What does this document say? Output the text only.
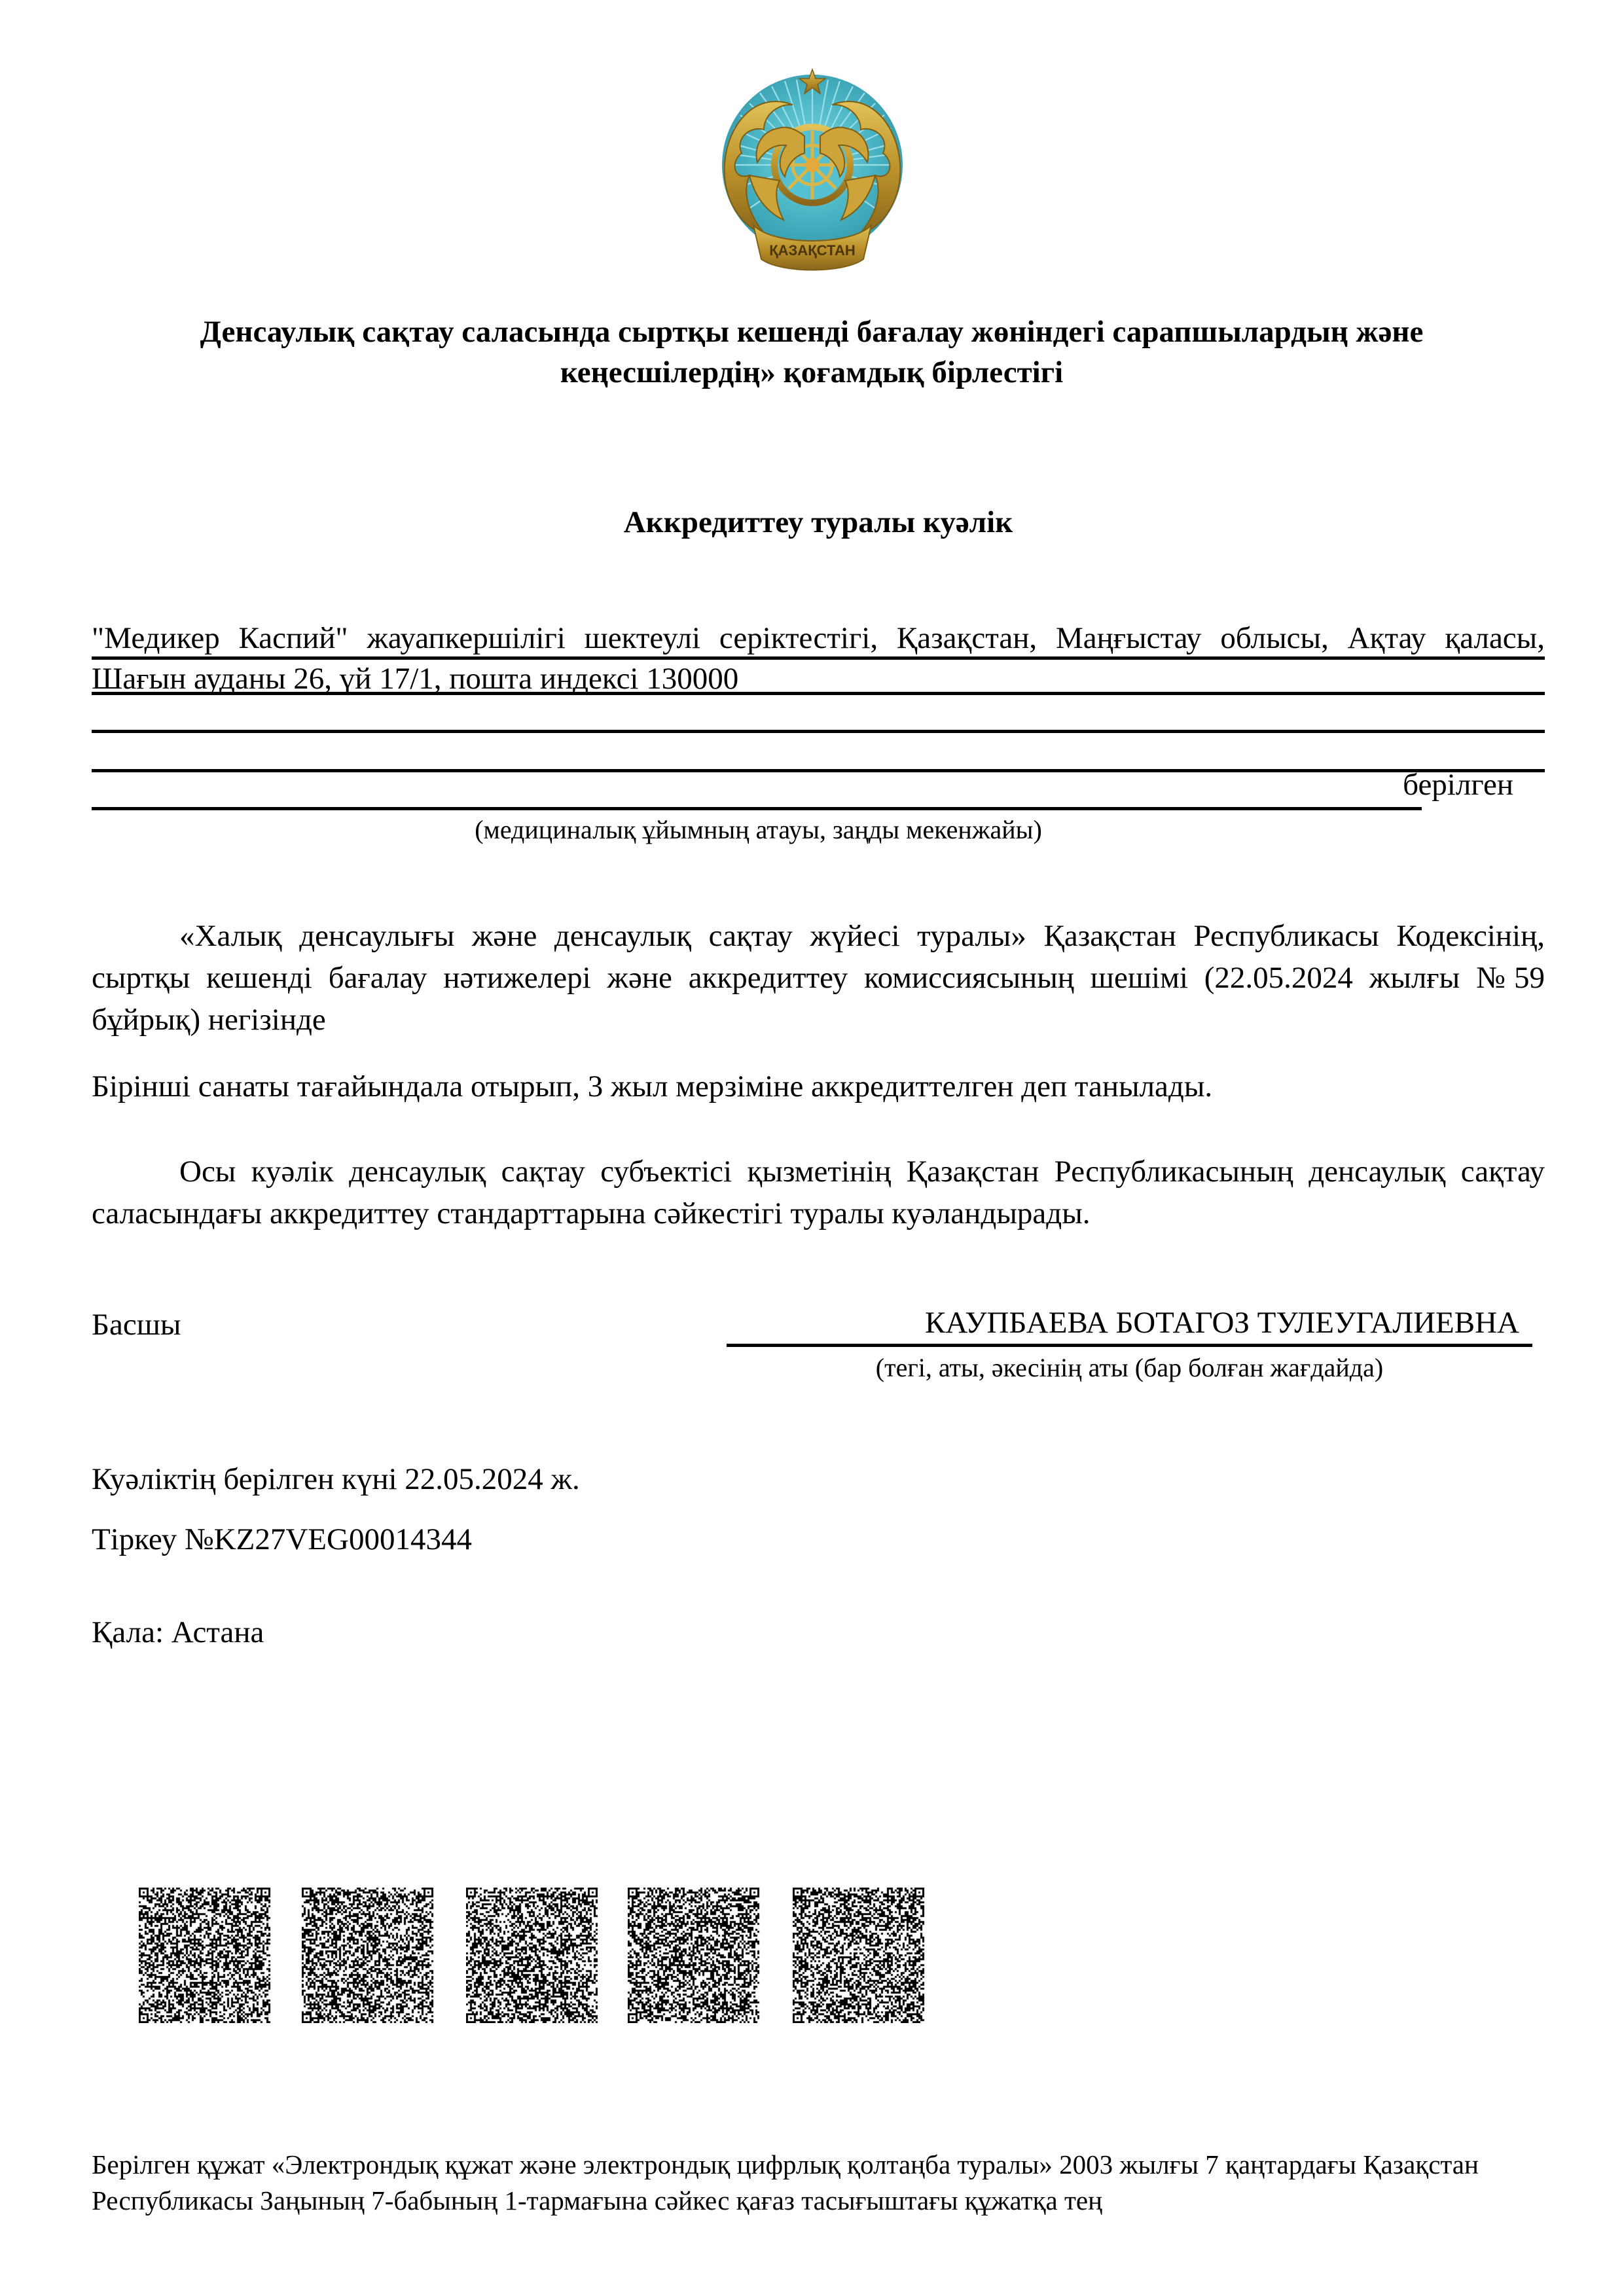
ҚАЗАҚСТАН
Денсаулық сақтау саласында сыртқы кешенді бағалау жөніндегі сарапшылардың және кеңесшілердің» қоғамдық бірлестігі
Аккредиттеу туралы куәлік
"Медикер Каспий" жауапкершілігі шектеулі серіктестігі, Қазақстан, Маңғыстау облысы, Ақтау қаласы,
Шағын ауданы 26, үй 17/1, пошта индексі 130000
берілген
(медициналық ұйымның атауы, заңды мекенжайы)
«Халық денсаулығы және денсаулық сақтау жүйесі туралы» Қазақстан Республикасы Кодексінің, сыртқы кешенді бағалау нәтижелері және аккредиттеу комиссиясының шешімі (22.05.2024 жылғы №59 бұйрық) негізінде
Бірінші санаты тағайындала отырып, 3 жыл мерзіміне аккредиттелген деп танылады.
Осы куәлік денсаулық сақтау субъектісі қызметінің Қазақстан Республикасының денсаулық сақтау саласындағы аккредиттеу стандарттарына сәйкестігі туралы куәландырады.
Басшы	КАУПБАЕВА БОТАГОЗ ТУЛЕУГАЛИЕВНА
(тегі, аты, әкесінің аты (бар болған жағдайда)
Куәліктің берілген күні 22.05.2024 ж.
Тіркеу №KZ27VEG00014344
Қала: Астана
Берілген құжат «Электрондық құжат және электрондық цифрлық қолтаңба туралы» 2003 жылғы 7 қаңтардағы Қазақстан
Республикасы Заңының 7-бабының 1-тармағына сәйкес қағаз тасығыштағы құжатқа тең
